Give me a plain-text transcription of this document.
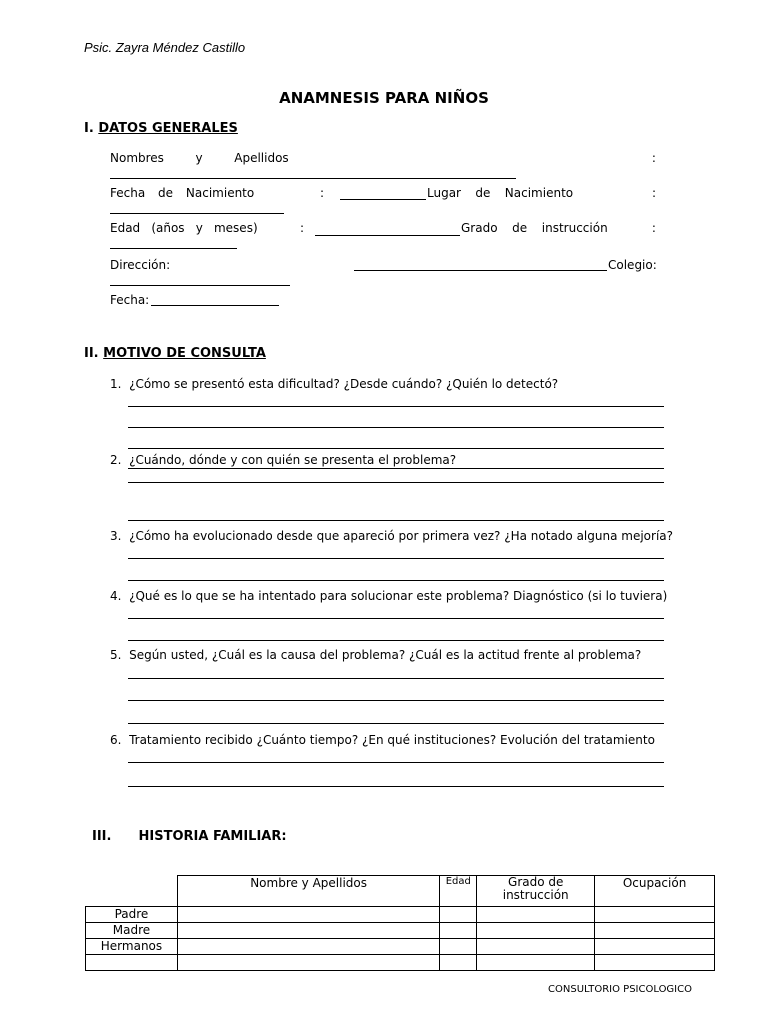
Psic. Zayra Méndez Castillo
ANAMNESIS PARA NIÑOS
I. DATOS GENERALES
Nombres	y	Apellidos	:
Fecha de Nacimiento	:	Lugar de Nacimiento	:
Edad (años y meses)	:	Grado de instrucción	:
Dirección:	Colegio:
Fecha:
II. MOTIVO DE CONSULTA
1.  ¿Cómo se presentó esta dificultad? ¿Desde cuándo? ¿Quién lo detectó?
2.  ¿Cuándo, dónde y con quién se presenta el problema?
3.  ¿Cómo ha evolucionado desde que apareció por primera vez? ¿Ha notado alguna mejoría?
4.  ¿Qué es lo que se ha intentado para solucionar este problema? Diagnóstico (si lo tuviera)
5.  Según usted, ¿Cuál es la causa del problema? ¿Cuál es la actitud frente al problema?
6.  Tratamiento recibido ¿Cuánto tiempo? ¿En qué instituciones? Evolución del tratamiento
III. HISTORIA FAMILIAR:
	Nombre y Apellidos	Edad	Grado de instrucción	Ocupación
Padre				
Madre				
Hermanos				

CONSULTORIO PSICOLOGICO
